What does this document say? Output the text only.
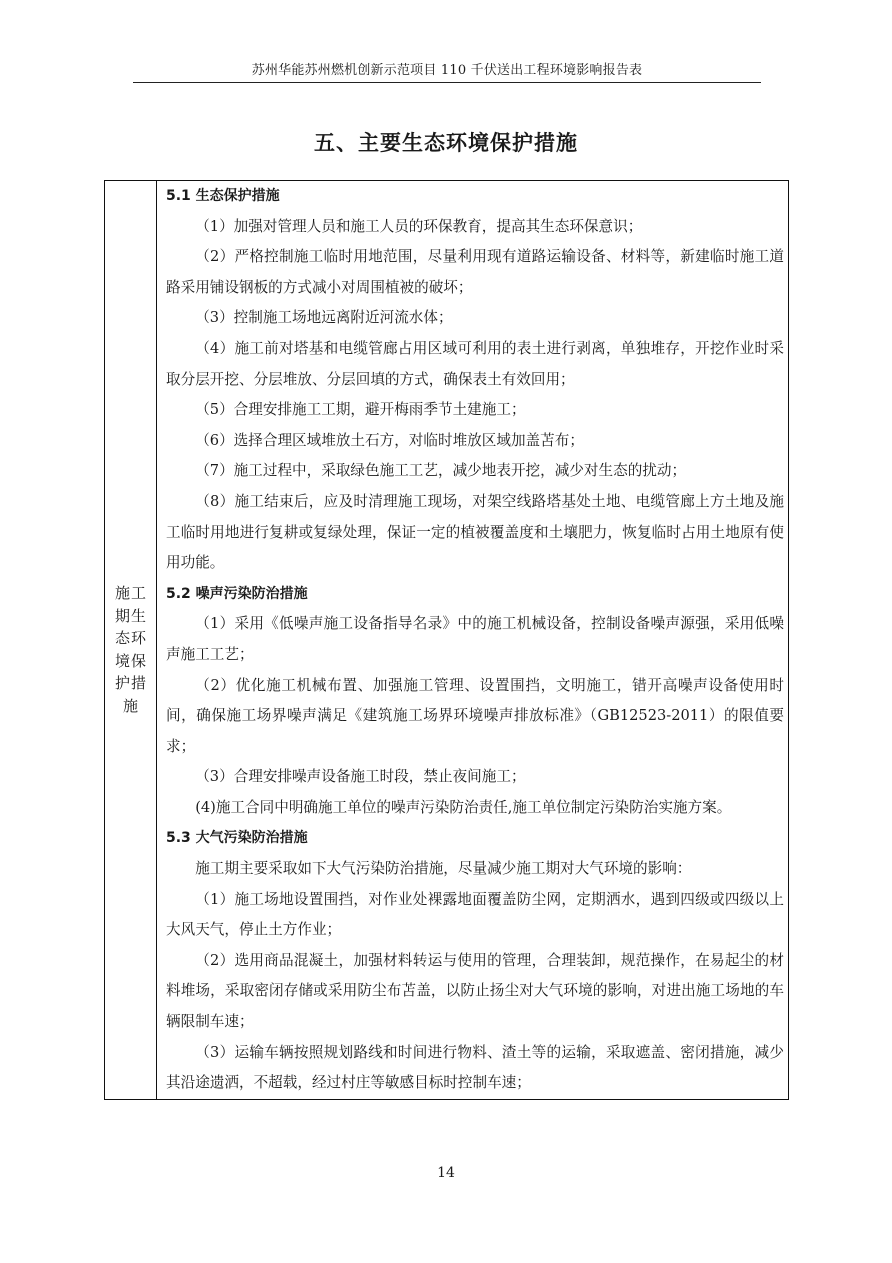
苏州华能苏州燃机创新示范项目 110 千伏送出工程环境影响报告表
五、主要生态环境保护措施
施工期生态环境保护措施
5.1 生态保护措施
（1）加强对管理人员和施工人员的环保教育，提高其生态环保意识；
（2）严格控制施工临时用地范围，尽量利用现有道路运输设备、材料等，新建临时施工道路采用铺设钢板的方式减小对周围植被的破坏；
（3）控制施工场地远离附近河流水体；
（4）施工前对塔基和电缆管廊占用区域可利用的表土进行剥离，单独堆存，开挖作业时采取分层开挖、分层堆放、分层回填的方式，确保表土有效回用；
（5）合理安排施工工期，避开梅雨季节土建施工；
（6）选择合理区域堆放土石方，对临时堆放区域加盖苫布；
（7）施工过程中，采取绿色施工工艺，减少地表开挖，减少对生态的扰动；
（8）施工结束后，应及时清理施工现场，对架空线路塔基处土地、电缆管廊上方土地及施工临时用地进行复耕或复绿处理，保证一定的植被覆盖度和土壤肥力，恢复临时占用土地原有使用功能。
5.2 噪声污染防治措施
（1）采用《低噪声施工设备指导名录》中的施工机械设备，控制设备噪声源强，采用低噪声施工工艺；
（2）优化施工机械布置、加强施工管理、设置围挡，文明施工，错开高噪声设备使用时间，确保施工场界噪声满足《建筑施工场界环境噪声排放标准》（GB12523-2011）的限值要求；
（3）合理安排噪声设备施工时段，禁止夜间施工；
(4)施工合同中明确施工单位的噪声污染防治责任,施工单位制定污染防治实施方案。
5.3 大气污染防治措施
施工期主要采取如下大气污染防治措施，尽量减少施工期对大气环境的影响：
（1）施工场地设置围挡，对作业处裸露地面覆盖防尘网，定期洒水，遇到四级或四级以上大风天气，停止土方作业；
（2）选用商品混凝土，加强材料转运与使用的管理，合理装卸，规范操作，在易起尘的材料堆场，采取密闭存储或采用防尘布苫盖，以防止扬尘对大气环境的影响，对进出施工场地的车辆限制车速；
（3）运输车辆按照规划路线和时间进行物料、渣土等的运输，采取遮盖、密闭措施，减少其沿途遗洒，不超载，经过村庄等敏感目标时控制车速；
14
